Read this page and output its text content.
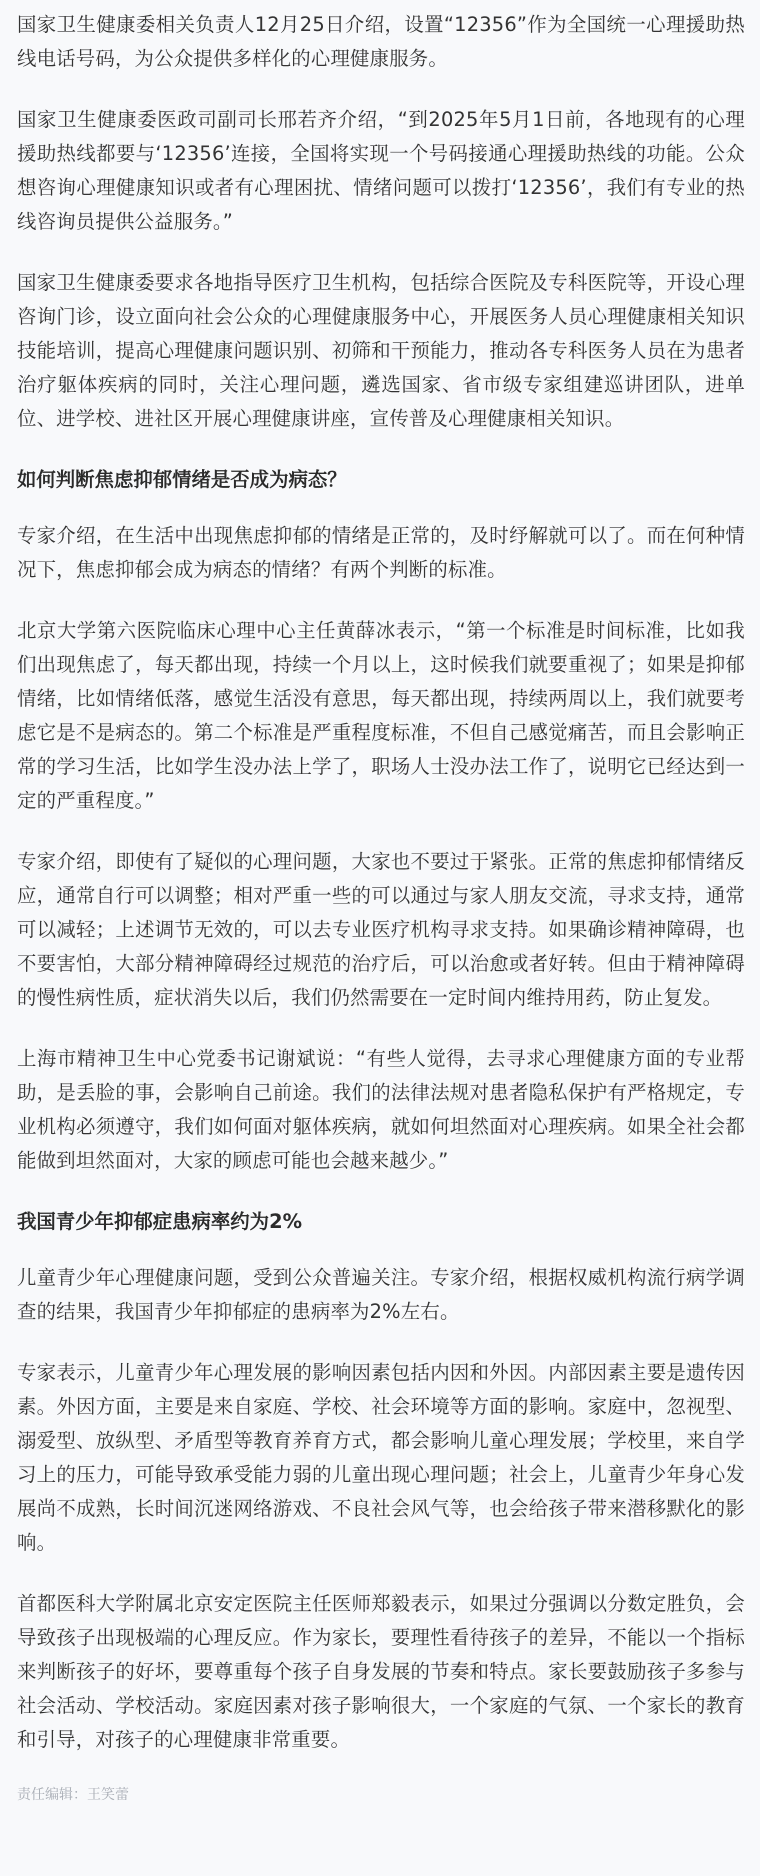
国家卫生健康委相关负责人12月25日介绍，设置“12356”作为全国统一心理援助热线电话号码，为公众提供多样化的心理健康服务。

国家卫生健康委医政司副司长邢若齐介绍，“到2025年5月1日前，各地现有的心理援助热线都要与‘12356’连接，全国将实现一个号码接通心理援助热线的功能。公众想咨询心理健康知识或者有心理困扰、情绪问题可以拨打‘12356’，我们有专业的热线咨询员提供公益服务。”

国家卫生健康委要求各地指导医疗卫生机构，包括综合医院及专科医院等，开设心理咨询门诊，设立面向社会公众的心理健康服务中心，开展医务人员心理健康相关知识技能培训，提高心理健康问题识别、初筛和干预能力，推动各专科医务人员在为患者治疗躯体疾病的同时，关注心理问题，遴选国家、省市级专家组建巡讲团队，进单位、进学校、进社区开展心理健康讲座，宣传普及心理健康相关知识。

如何判断焦虑抑郁情绪是否成为病态？

专家介绍，在生活中出现焦虑抑郁的情绪是正常的，及时纾解就可以了。而在何种情况下，焦虑抑郁会成为病态的情绪？有两个判断的标准。

北京大学第六医院临床心理中心主任黄薛冰表示，“第一个标准是时间标准，比如我们出现焦虑了，每天都出现，持续一个月以上，这时候我们就要重视了；如果是抑郁情绪，比如情绪低落，感觉生活没有意思，每天都出现，持续两周以上，我们就要考虑它是不是病态的。第二个标准是严重程度标准，不但自己感觉痛苦，而且会影响正常的学习生活，比如学生没办法上学了，职场人士没办法工作了，说明它已经达到一定的严重程度。”

专家介绍，即使有了疑似的心理问题，大家也不要过于紧张。正常的焦虑抑郁情绪反应，通常自行可以调整；相对严重一些的可以通过与家人朋友交流，寻求支持，通常可以减轻；上述调节无效的，可以去专业医疗机构寻求支持。如果确诊精神障碍，也不要害怕，大部分精神障碍经过规范的治疗后，可以治愈或者好转。但由于精神障碍的慢性病性质，症状消失以后，我们仍然需要在一定时间内维持用药，防止复发。

上海市精神卫生中心党委书记谢斌说：“有些人觉得，去寻求心理健康方面的专业帮助，是丢脸的事，会影响自己前途。我们的法律法规对患者隐私保护有严格规定，专业机构必须遵守，我们如何面对躯体疾病，就如何坦然面对心理疾病。如果全社会都能做到坦然面对，大家的顾虑可能也会越来越少。”

我国青少年抑郁症患病率约为2%

儿童青少年心理健康问题，受到公众普遍关注。专家介绍，根据权威机构流行病学调查的结果，我国青少年抑郁症的患病率为2%左右。

专家表示，儿童青少年心理发展的影响因素包括内因和外因。内部因素主要是遗传因素。外因方面，主要是来自家庭、学校、社会环境等方面的影响。家庭中，忽视型、溺爱型、放纵型、矛盾型等教育养育方式，都会影响儿童心理发展；学校里，来自学习上的压力，可能导致承受能力弱的儿童出现心理问题；社会上，儿童青少年身心发展尚不成熟，长时间沉迷网络游戏、不良社会风气等，也会给孩子带来潜移默化的影响。

首都医科大学附属北京安定医院主任医师郑毅表示，如果过分强调以分数定胜负，会导致孩子出现极端的心理反应。作为家长，要理性看待孩子的差异，不能以一个指标来判断孩子的好坏，要尊重每个孩子自身发展的节奏和特点。家长要鼓励孩子多参与社会活动、学校活动。家庭因素对孩子影响很大，一个家庭的气氛、一个家长的教育和引导，对孩子的心理健康非常重要。

责任编辑：王笑蕾
